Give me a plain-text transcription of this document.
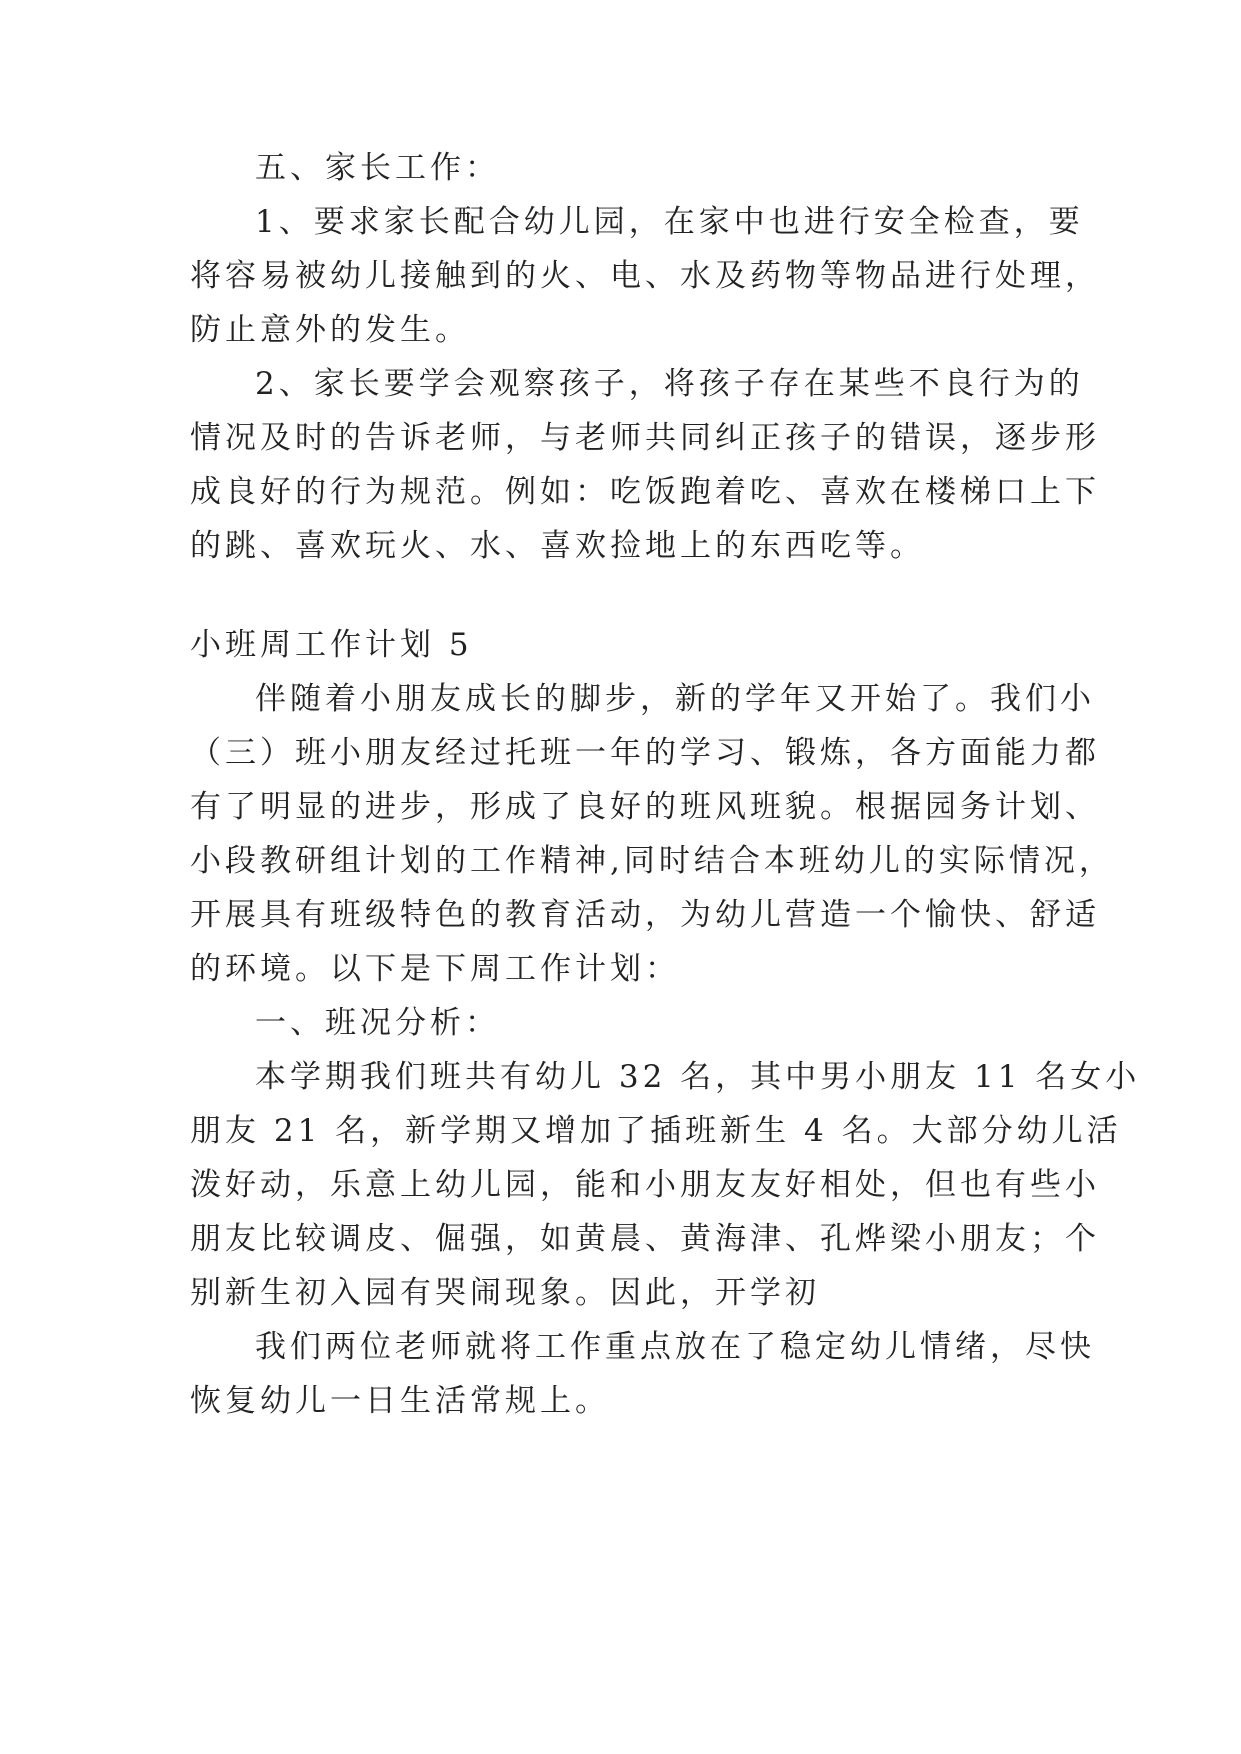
五、家长工作：
1、要求家长配合幼儿园，在家中也进行安全检查，要
将容易被幼儿接触到的火、电、水及药物等物品进行处理，
防止意外的发生。
2、家长要学会观察孩子，将孩子存在某些不良行为的
情况及时的告诉老师，与老师共同纠正孩子的错误，逐步形
成良好的行为规范。例如：吃饭跑着吃、喜欢在楼梯口上下
的跳、喜欢玩火、水、喜欢捡地上的东西吃等。
小班周工作计划 5
伴随着小朋友成长的脚步，新的学年又开始了。我们小
（三）班小朋友经过托班一年的学习、锻炼，各方面能力都
有了明显的进步，形成了良好的班风班貌。根据园务计划、
小段教研组计划的工作精神,同时结合本班幼儿的实际情况，
开展具有班级特色的教育活动，为幼儿营造一个愉快、舒适
的环境。以下是下周工作计划：
一、班况分析：
本学期我们班共有幼儿 32 名，其中男小朋友 11 名女小
朋友 21 名，新学期又增加了插班新生 4 名。大部分幼儿活
泼好动，乐意上幼儿园，能和小朋友友好相处，但也有些小
朋友比较调皮、倔强，如黄晨、黄海津、孔烨梁小朋友；个
别新生初入园有哭闹现象。因此，开学初
我们两位老师就将工作重点放在了稳定幼儿情绪，尽快
恢复幼儿一日生活常规上。
